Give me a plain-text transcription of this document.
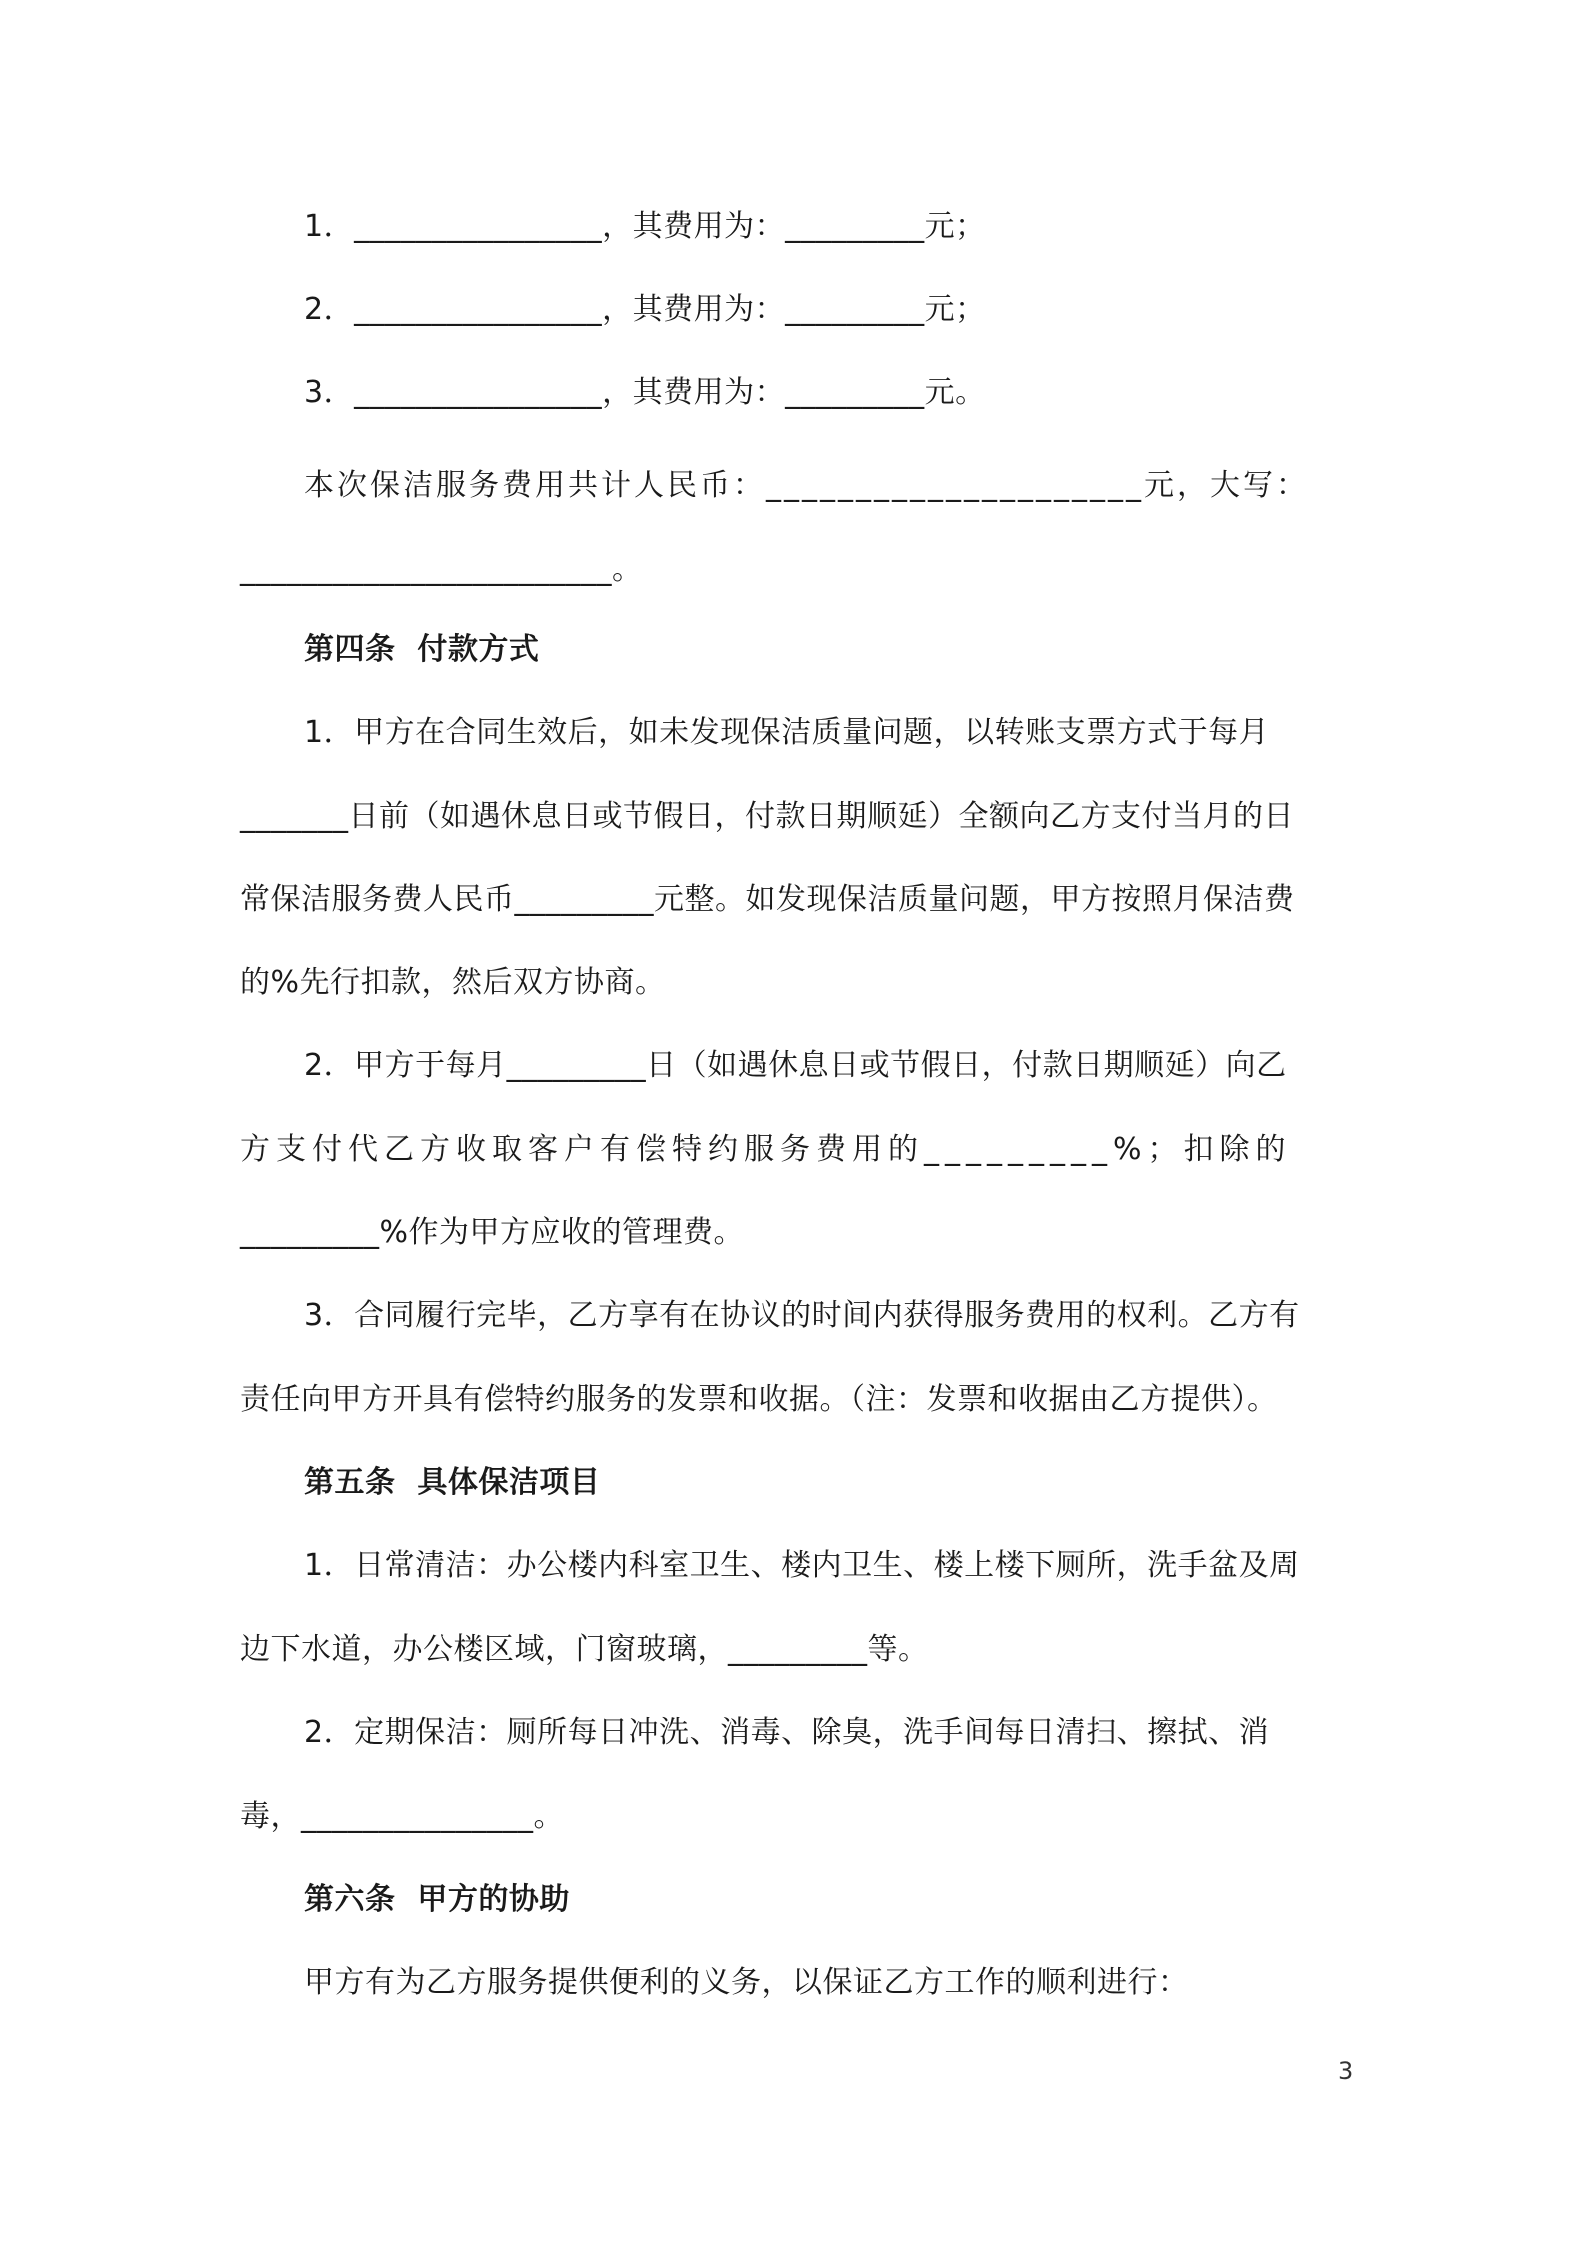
1．________________，其费用为：_________元；
2．________________，其费用为：_________元；
3．________________，其费用为：_________元。
本次保洁服务费用共计人民币：_____________________元，大写：
________________________。
第四条  付款方式
1．甲方在合同生效后，如未发现保洁质量问题，以转账支票方式于每月
_______日前（如遇休息日或节假日，付款日期顺延）全额向乙方支付当月的日
常保洁服务费人民币_________元整。如发现保洁质量问题，甲方按照月保洁费
的%先行扣款，然后双方协商。
2．甲方于每月_________日（如遇休息日或节假日，付款日期顺延）向乙
方支付代乙方收取客户有偿特约服务费用的_________%；扣除的
_________%作为甲方应收的管理费。
3．合同履行完毕，乙方享有在协议的时间内获得服务费用的权利。乙方有
责任向甲方开具有偿特约服务的发票和收据。（注：发票和收据由乙方提供）。
第五条  具体保洁项目
1．日常清洁：办公楼内科室卫生、楼内卫生、楼上楼下厕所，洗手盆及周
边下水道，办公楼区域，门窗玻璃，_________等。
2．定期保洁：厕所每日冲洗、消毒、除臭，洗手间每日清扫、擦拭、消
毒，_______________。
第六条  甲方的协助
甲方有为乙方服务提供便利的义务，以保证乙方工作的顺利进行：
3
